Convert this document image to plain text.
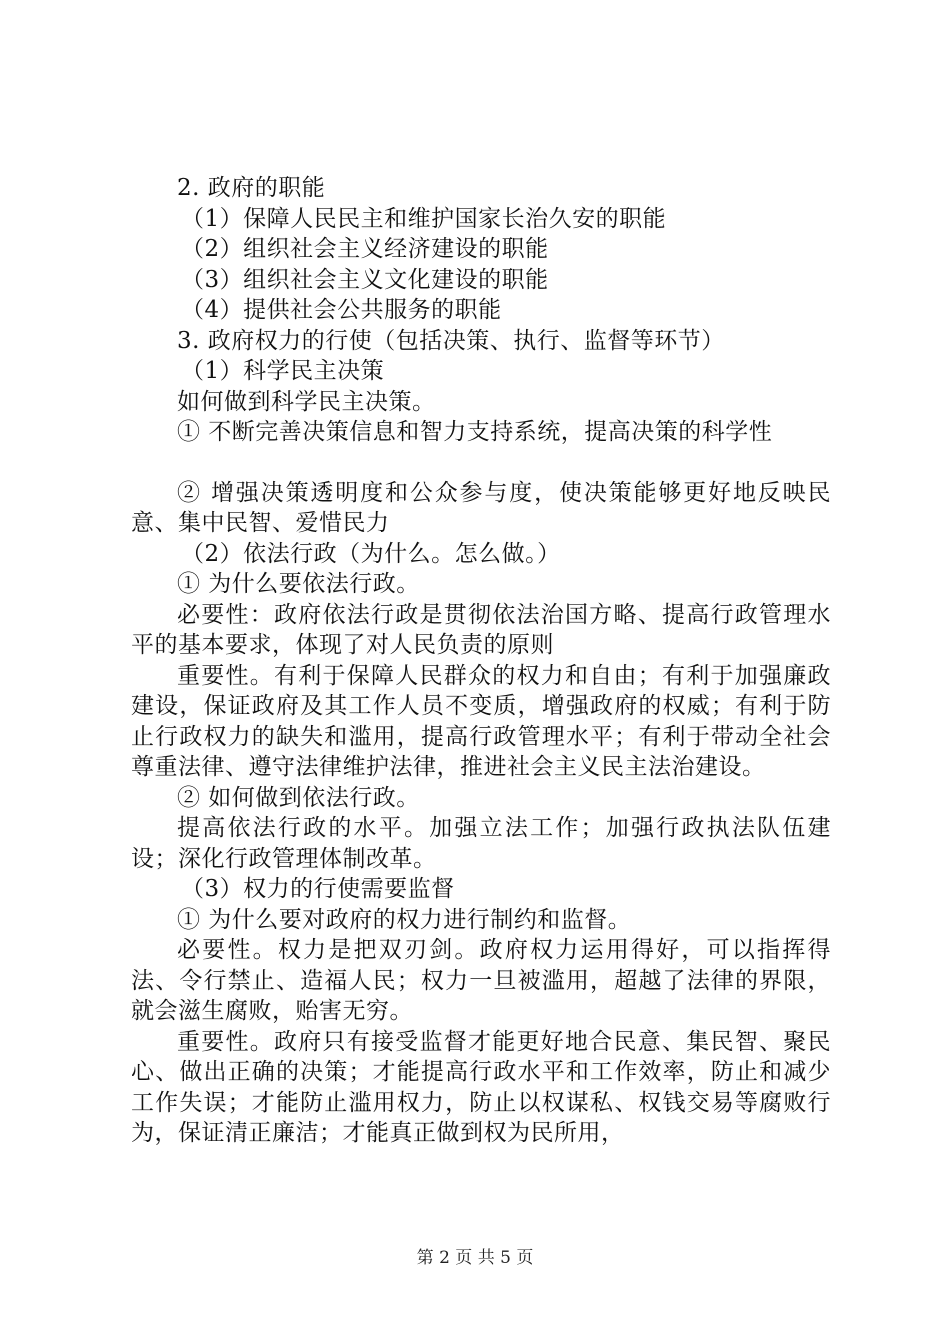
2. 政府的职能
（1）保障人民民主和维护国家长治久安的职能
（2）组织社会主义经济建设的职能
（3）组织社会主义文化建设的职能
（4）提供社会公共服务的职能
3. 政府权力的行使（包括决策、执行、监督等环节）
（1）科学民主决策
如何做到科学民主决策。
① 不断完善决策信息和智力支持系统，提高决策的科学性
② 增强决策透明度和公众参与度，使决策能够更好地反映民意、集中民智、爱惜民力
（2）依法行政（为什么。怎么做。）
① 为什么要依法行政。
必要性：政府依法行政是贯彻依法治国方略、提高行政管理水平的基本要求，体现了对人民负责的原则
重要性。有利于保障人民群众的权力和自由；有利于加强廉政建设，保证政府及其工作人员不变质，增强政府的权威；有利于防止行政权力的缺失和滥用，提高行政管理水平；有利于带动全社会尊重法律、遵守法律维护法律，推进社会主义民主法治建设。
② 如何做到依法行政。
提高依法行政的水平。加强立法工作；加强行政执法队伍建设；深化行政管理体制改革。
（3）权力的行使需要监督
① 为什么要对政府的权力进行制约和监督。
必要性。权力是把双刃剑。政府权力运用得好，可以指挥得法、令行禁止、造福人民；权力一旦被滥用，超越了法律的界限，就会滋生腐败，贻害无穷。
重要性。政府只有接受监督才能更好地合民意、集民智、聚民心、做出正确的决策；才能提高行政水平和工作效率，防止和减少工作失误；才能防止滥用权力，防止以权谋私、权钱交易等腐败行为，保证清正廉洁；才能真正做到权为民所用，
第 2 页 共 5 页
